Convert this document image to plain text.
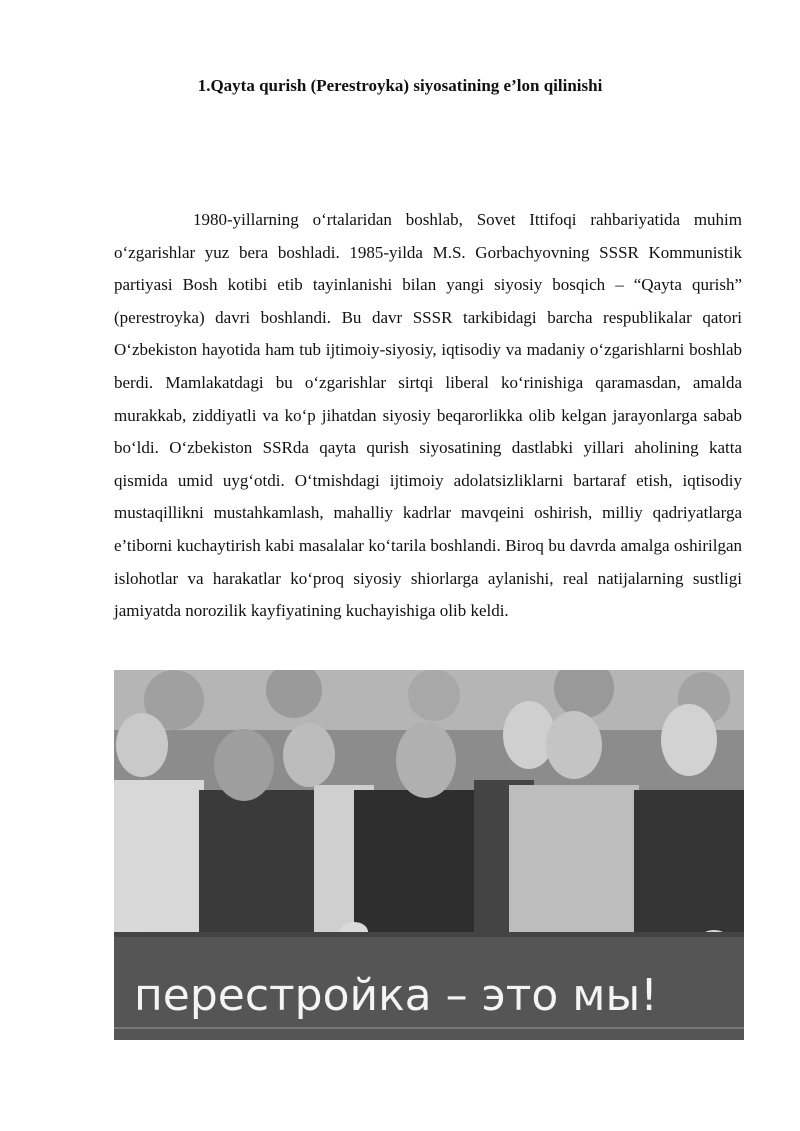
1.Qayta qurish (Perestroyka) siyosatining e’lon qilinishi

1980-yillarning o‘rtalaridan boshlab, Sovet Ittifoqi rahbariyatida muhim o‘zgarishlar yuz bera boshladi. 1985-yilda M.S. Gorbachyovning SSSR Kommunistik partiyasi Bosh kotibi etib tayinlanishi bilan yangi siyosiy bosqich – “Qayta qurish” (perestroyka) davri boshlandi. Bu davr SSSR tarkibidagi barcha respublikalar qatori O‘zbekiston hayotida ham tub ijtimoiy-siyosiy, iqtisodiy va madaniy o‘zgarishlarni boshlab berdi. Mamlakatdagi bu o‘zgarishlar sirtqi liberal ko‘rinishiga qaramasdan, amalda murakkab, ziddiyatli va ko‘p jihatdan siyosiy beqarorlikka olib kelgan jarayonlarga sabab bo‘ldi. O‘zbekiston SSRda qayta qurish siyosatining dastlabki yillari aholining katta qismida umid uyg‘otdi. O‘tmishdagi ijtimoiy adolatsizliklarni bartaraf etish, iqtisodiy mustaqillikni mustahkamlash, mahalliy kadrlar mavqeini oshirish, milliy qadriyatlarga e’tiborni kuchaytirish kabi masalalar ko‘tarila boshlandi. Biroq bu davrda amalga oshirilgan islohotlar va harakatlar ko‘proq siyosiy shiorlarga aylanishi, real natijalarning sustligi jamiyatda norozilik kayfiyatining kuchayishiga olib keldi.

перестройка – это мы!
